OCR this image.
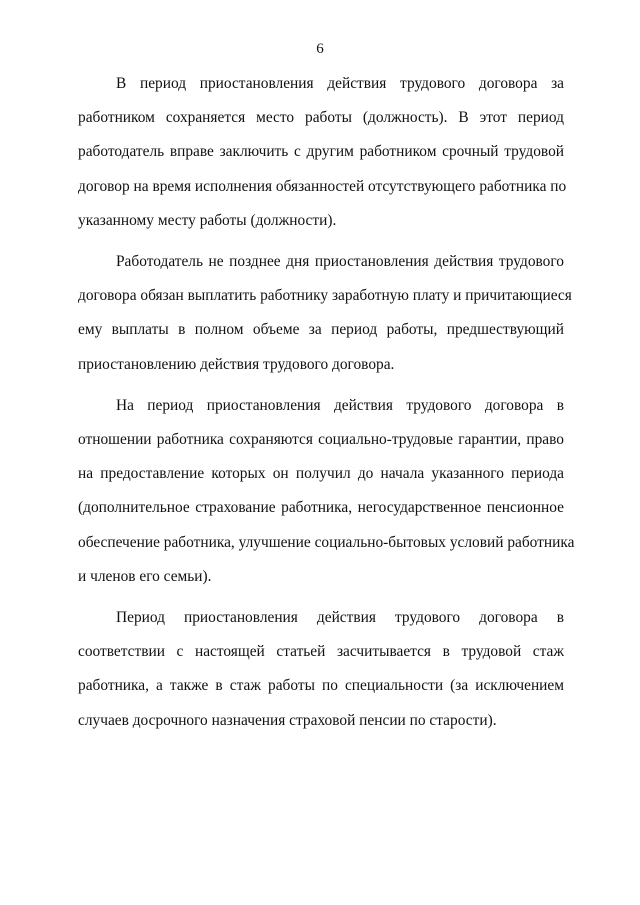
6

В период приостановления действия трудового договора за
работником сохраняется место работы (должность). В этот период
работодатель вправе заключить с другим работником срочный трудовой
договор на время исполнения обязанностей отсутствующего работника по
указанному месту работы (должности).

Работодатель не позднее дня приостановления действия трудового
договора обязан выплатить работнику заработную плату и причитающиеся
ему выплаты в полном объеме за период работы, предшествующий
приостановлению действия трудового договора.

На период приостановления действия трудового договора в
отношении работника сохраняются социально-трудовые гарантии, право
на предоставление которых он получил до начала указанного периода
(дополнительное страхование работника, негосударственное пенсионное
обеспечение работника, улучшение социально-бытовых условий работника
и членов его семьи).

Период приостановления действия трудового договора в
соответствии с настоящей статьей засчитывается в трудовой стаж
работника, а также в стаж работы по специальности (за исключением
случаев досрочного назначения страховой пенсии по старости).
